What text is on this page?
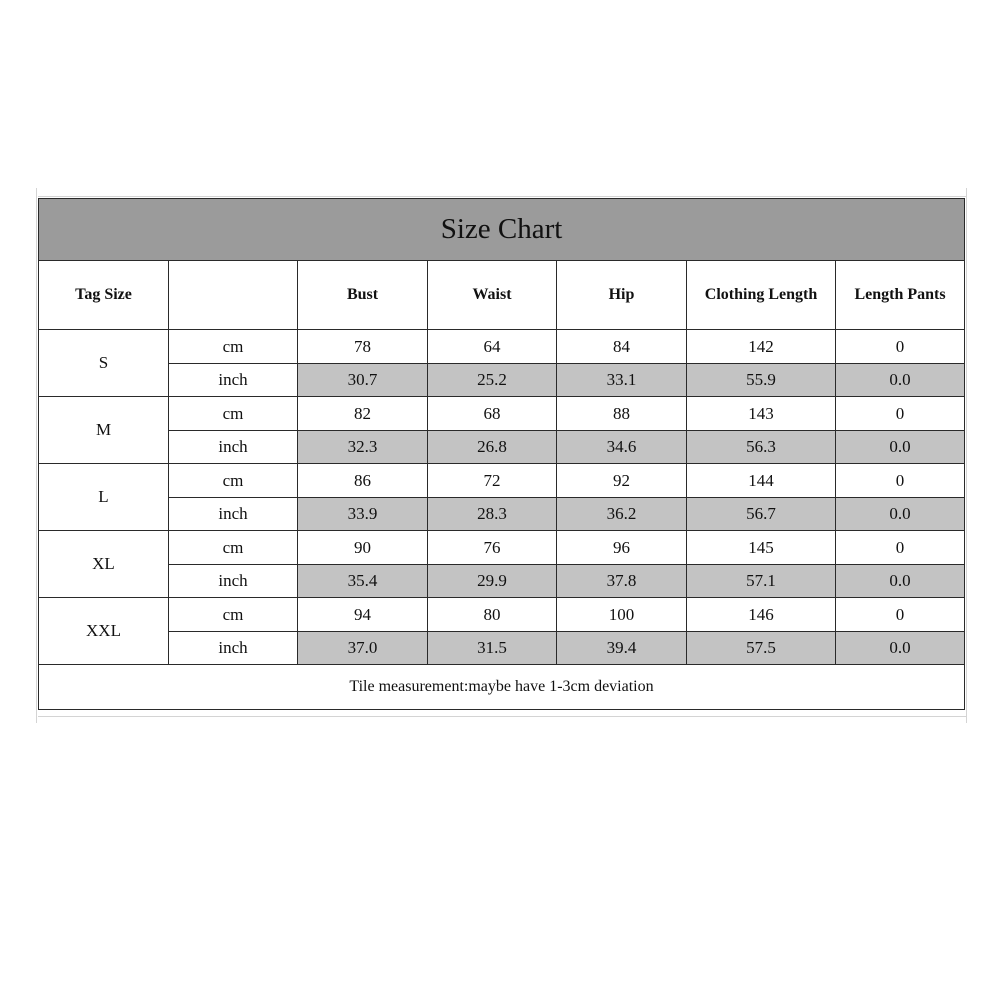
Size Chart						
Tag Size		Bust	Waist	Hip	Clothing Length	Length Pants
S	cm	78	64	84	142	0
	inch	30.7	25.2	33.1	55.9	0.0
M	cm	82	68	88	143	0
	inch	32.3	26.8	34.6	56.3	0.0
L	cm	86	72	92	144	0
	inch	33.9	28.3	36.2	56.7	0.0
XL	cm	90	76	96	145	0
	inch	35.4	29.9	37.8	57.1	0.0
XXL	cm	94	80	100	146	0
	inch	37.0	31.5	39.4	57.5	0.0
Tile measurement:maybe have 1-3cm deviation						
